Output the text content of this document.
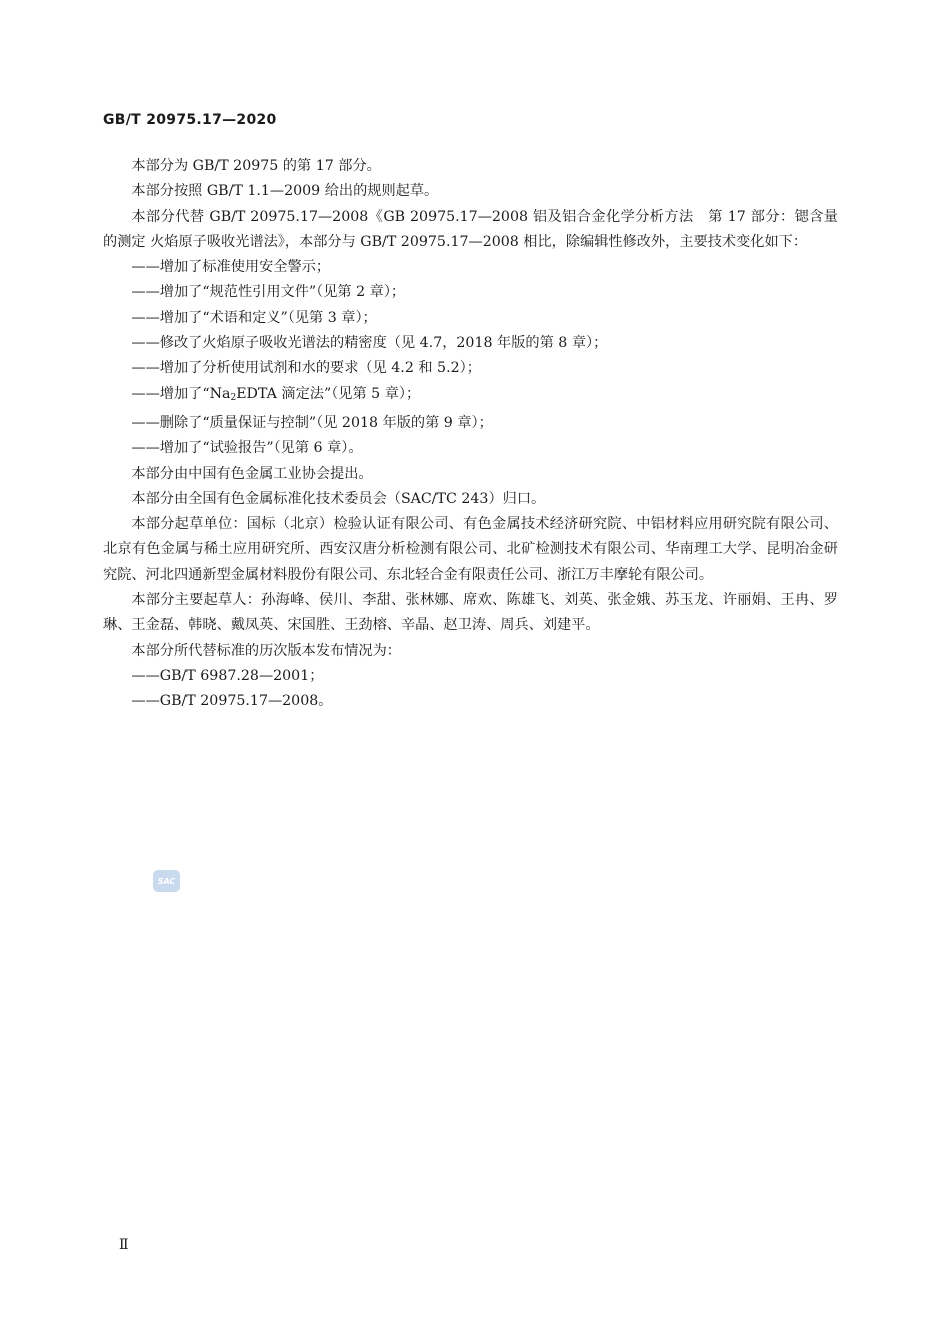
GB/T 20975.17—2020

本部分为 GB/T 20975 的第 17 部分。

本部分按照 GB/T 1.1—2009 给出的规则起草。

本部分代替 GB/T 20975.17—2008《GB 20975.17—2008 铝及铝合金化学分析方法　第 17 部分：锶含量的测定 火焰原子吸收光谱法》，本部分与 GB/T 20975.17—2008 相比，除编辑性修改外，主要技术变化如下：

——增加了标准使用安全警示；

——增加了“规范性引用文件”（见第 2 章）；

——增加了“术语和定义”（见第 3 章）；

——修改了火焰原子吸收光谱法的精密度（见 4.7，2018 年版的第 8 章）；

——增加了分析使用试剂和水的要求（见 4.2 和 5.2）；

——增加了“$Na_2EDTA$ 滴定法”（见第 5 章）；

——删除了“质量保证与控制”（见 2018 年版的第 9 章）；

——增加了“试验报告”（见第 6 章）。

本部分由中国有色金属工业协会提出。

本部分由全国有色金属标准化技术委员会（SAC/TC 243）归口。

本部分起草单位：国标（北京）检验认证有限公司、有色金属技术经济研究院、中铝材料应用研究院有限公司、北京有色金属与稀土应用研究所、西安汉唐分析检测有限公司、北矿检测技术有限公司、华南理工大学、昆明冶金研究院、河北四通新型金属材料股份有限公司、东北轻合金有限责任公司、浙江万丰摩轮有限公司。

本部分主要起草人：孙海峰、侯川、李甜、张林娜、席欢、陈雄飞、刘英、张金娥、苏玉龙、许丽娟、王冉、罗琳、王金磊、韩晓、戴凤英、宋国胜、王劲榕、辛晶、赵卫涛、周兵、刘建平。

本部分所代替标准的历次版本发布情况为：

——GB/T 6987.28—2001；

——GB/T 20975.17—2008。

SAC
Ⅱ
